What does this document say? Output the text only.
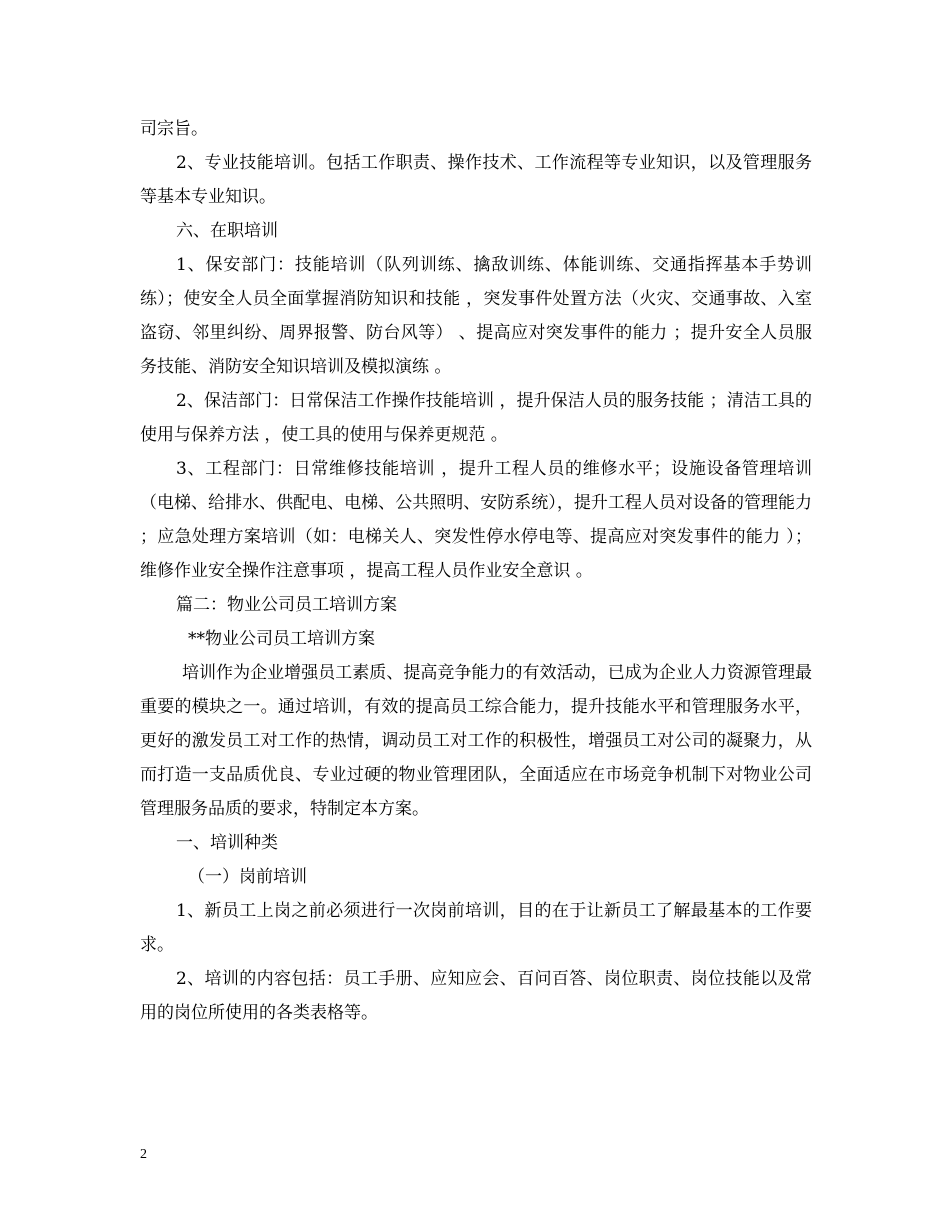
司宗旨。

2、专业技能培训。包括工作职责、操作技术、工作流程等专业知识，以及管理服务等基本专业知识。

六、在职培训

1、保安部门：技能培训（队列训练、擒敌训练、体能训练、交通指挥基本手势训练）；使安全人员全面掌握消防知识和技能 ，突发事件处置方法（火灾、交通事故、入室盗窃、邻里纠纷、周界报警、防台风等） 、提高应对突发事件的能力 ；提升安全人员服务技能、消防安全知识培训及模拟演练 。

2、保洁部门：日常保洁工作操作技能培训 ，提升保洁人员的服务技能 ；清洁工具的使用与保养方法 ，使工具的使用与保养更规范 。

3、工程部门：日常维修技能培训 ，提升工程人员的维修水平；设施设备管理培训（电梯、给排水、供配电、电梯、公共照明、安防系统），提升工程人员对设备的管理能力 ；应急处理方案培训（如：电梯关人、突发性停水停电等、提高应对突发事件的能力 ）；维修作业安全操作注意事项 ，提高工程人员作业安全意识 。

篇二：物业公司员工培训方案

**物业公司员工培训方案

培训作为企业增强员工素质、提高竞争能力的有效活动，已成为企业人力资源管理最重要的模块之一。通过培训，有效的提高员工综合能力，提升技能水平和管理服务水平，更好的激发员工对工作的热情，调动员工对工作的积极性，增强员工对公司的凝聚力，从而打造一支品质优良、专业过硬的物业管理团队，全面适应在市场竞争机制下对物业公司管理服务品质的要求，特制定本方案。

一、培训种类

（一）岗前培训

1、新员工上岗之前必须进行一次岗前培训，目的在于让新员工了解最基本的工作要求。

2、培训的内容包括：员工手册、应知应会、百问百答、岗位职责、岗位技能以及常用的岗位所使用的各类表格等。

2
